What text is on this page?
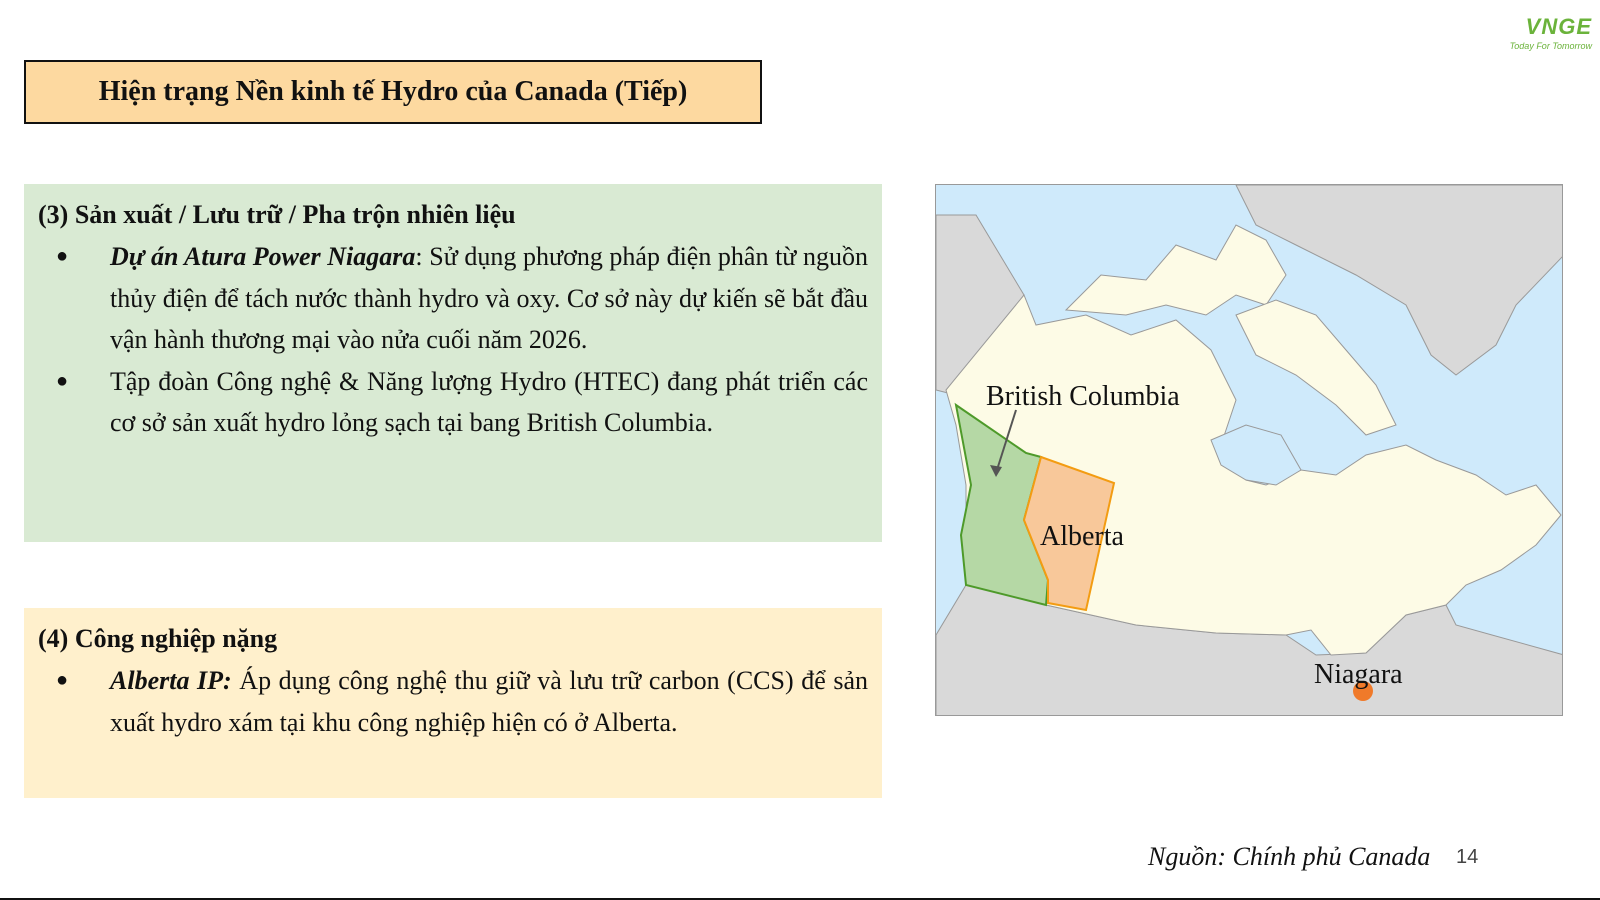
VNGE
Today For Tomorrow
Hiện trạng Nền kinh tế Hydro của Canada (Tiếp)
(3) Sản xuất / Lưu trữ / Pha trộn nhiên liệu
●	Dự án Atura Power Niagara: Sử dụng phương pháp điện phân từ nguồn thủy điện để tách nước thành hydro và oxy. Cơ sở này dự kiến sẽ bắt đầu vận hành thương mại vào nửa cuối năm 2026.
●	Tập đoàn Công nghệ & Năng lượng Hydro (HTEC) đang phát triển các cơ sở sản xuất hydro lỏng sạch tại bang British Columbia.
(4) Công nghiệp nặng
●	Alberta IP: Áp dụng công nghệ thu giữ và lưu trữ carbon (CCS) để sản xuất hydro xám tại khu công nghiệp hiện có ở Alberta.
British Columbia
Alberta
Niagara
Nguồn: Chính phủ Canada 14
